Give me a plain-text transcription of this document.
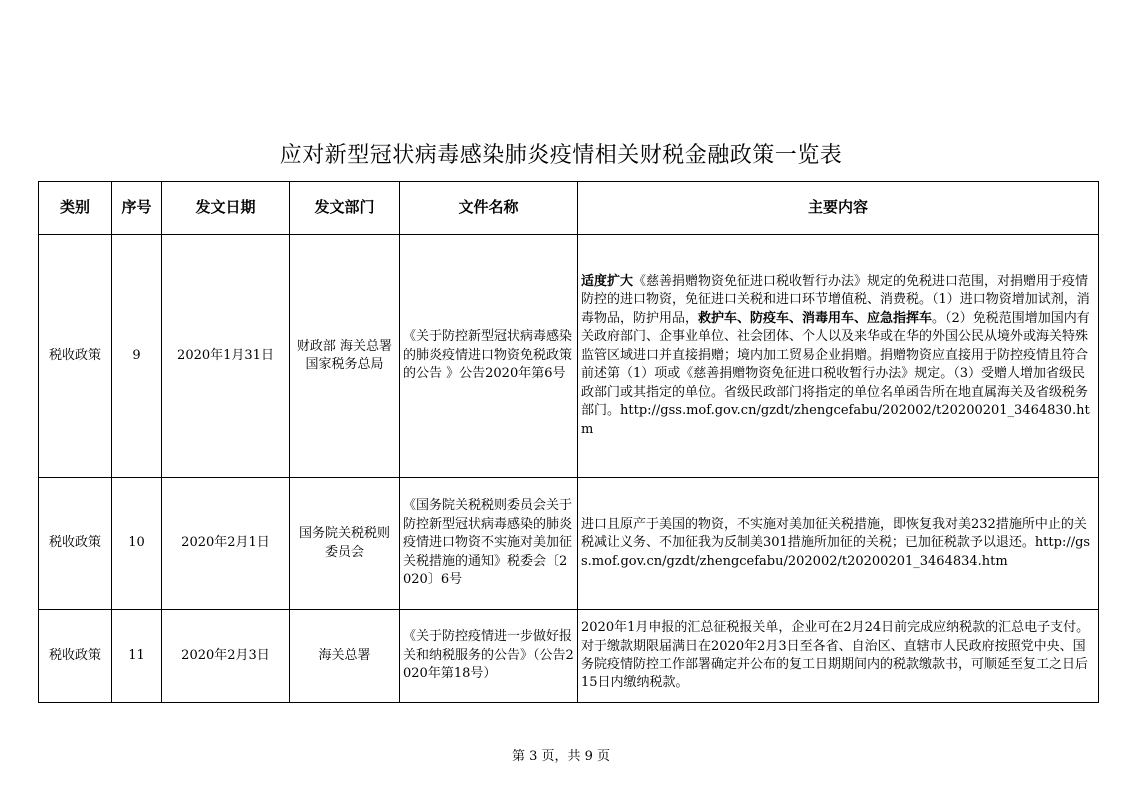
应对新型冠状病毒感染肺炎疫情相关财税金融政策一览表
类别	序号	发文日期	发文部门	文件名称	主要内容
税收政策	9	2020年1月31日	财政部 海关总署 国家税务总局	《关于防控新型冠状病毒感染的肺炎疫情进口物资免税政策的公告 》公告2020年第6号	适度扩大《慈善捐赠物资免征进口税收暂行办法》规定的免税进口范围，对捐赠用于疫情防控的进口物资，免征进口关税和进口环节增值税、消费税。（1）进口物资增加试剂，消毒物品，防护用品，救护车、防疫车、消毒用车、应急指挥车。（2）免税范围增加国内有关政府部门、企事业单位、社会团体、个人以及来华或在华的外国公民从境外或海关特殊监管区域进口并直接捐赠；境内加工贸易企业捐赠。捐赠物资应直接用于防控疫情且符合前述第（1）项或《慈善捐赠物资免征进口税收暂行办法》规定。（3）受赠人增加省级民政部门或其指定的单位。省级民政部门将指定的单位名单函告所在地直属海关及省级税务部门。http://gss.mof.gov.cn/gzdt/zhengcefabu/202002/t20200201_3464830.htm
税收政策	10	2020年2月1日	国务院关税税则委员会	《国务院关税税则委员会关于防控新型冠状病毒感染的肺炎疫情进口物资不实施对美加征关税措施的通知》税委会〔2020〕6号	进口且原产于美国的物资，不实施对美加征关税措施，即恢复我对美232措施所中止的关税减让义务、不加征我为反制美301措施所加征的关税；已加征税款予以退还。http://gss.mof.gov.cn/gzdt/zhengcefabu/202002/t20200201_3464834.htm
税收政策	11	2020年2月3日	海关总署	《关于防控疫情进一步做好报关和纳税服务的公告》（公告2020年第18号）	2020年1月申报的汇总征税报关单，企业可在2月24日前完成应纳税款的汇总电子支付。对于缴款期限届满日在2020年2月3日至各省、自治区、直辖市人民政府按照党中央、国务院疫情防控工作部署确定并公布的复工日期期间内的税款缴款书，可顺延至复工之日后15日内缴纳税款。
第 3 页，共 9 页
